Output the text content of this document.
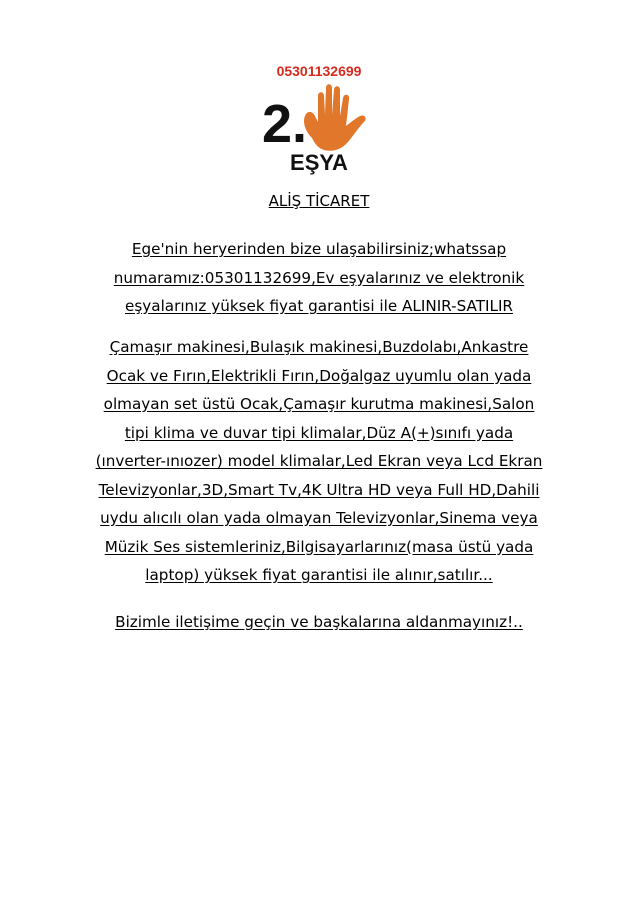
05301132699
2.
EŞYA
ALİŞ TİCARET
Ege'nin heryerinden bize ulaşabilirsiniz;whatssap
numaramız:05301132699,Ev eşyalarınız ve elektronik
eşyalarınız yüksek fiyat garantisi ile ALINIR-SATILIR
Çamaşır makinesi,Bulaşık makinesi,Buzdolabı,Ankastre
Ocak ve Fırın,Elektrikli Fırın,Doğalgaz uyumlu olan yada
olmayan set üstü Ocak,Çamaşır kurutma makinesi,Salon
tipi klima ve duvar tipi klimalar,Düz A(+)sınıfı yada
(ınverter-ınıozer) model klimalar,Led Ekran veya Lcd Ekran
Televizyonlar,3D,Smart Tv,4K Ultra HD veya Full HD,Dahili
uydu alıcılı olan yada olmayan Televizyonlar,Sinema veya
Müzik Ses sistemleriniz,Bilgisayarlarınız(masa üstü yada
laptop) yüksek fiyat garantisi ile alınır,satılır...
Bizimle iletişime geçin ve başkalarına aldanmayınız!..
